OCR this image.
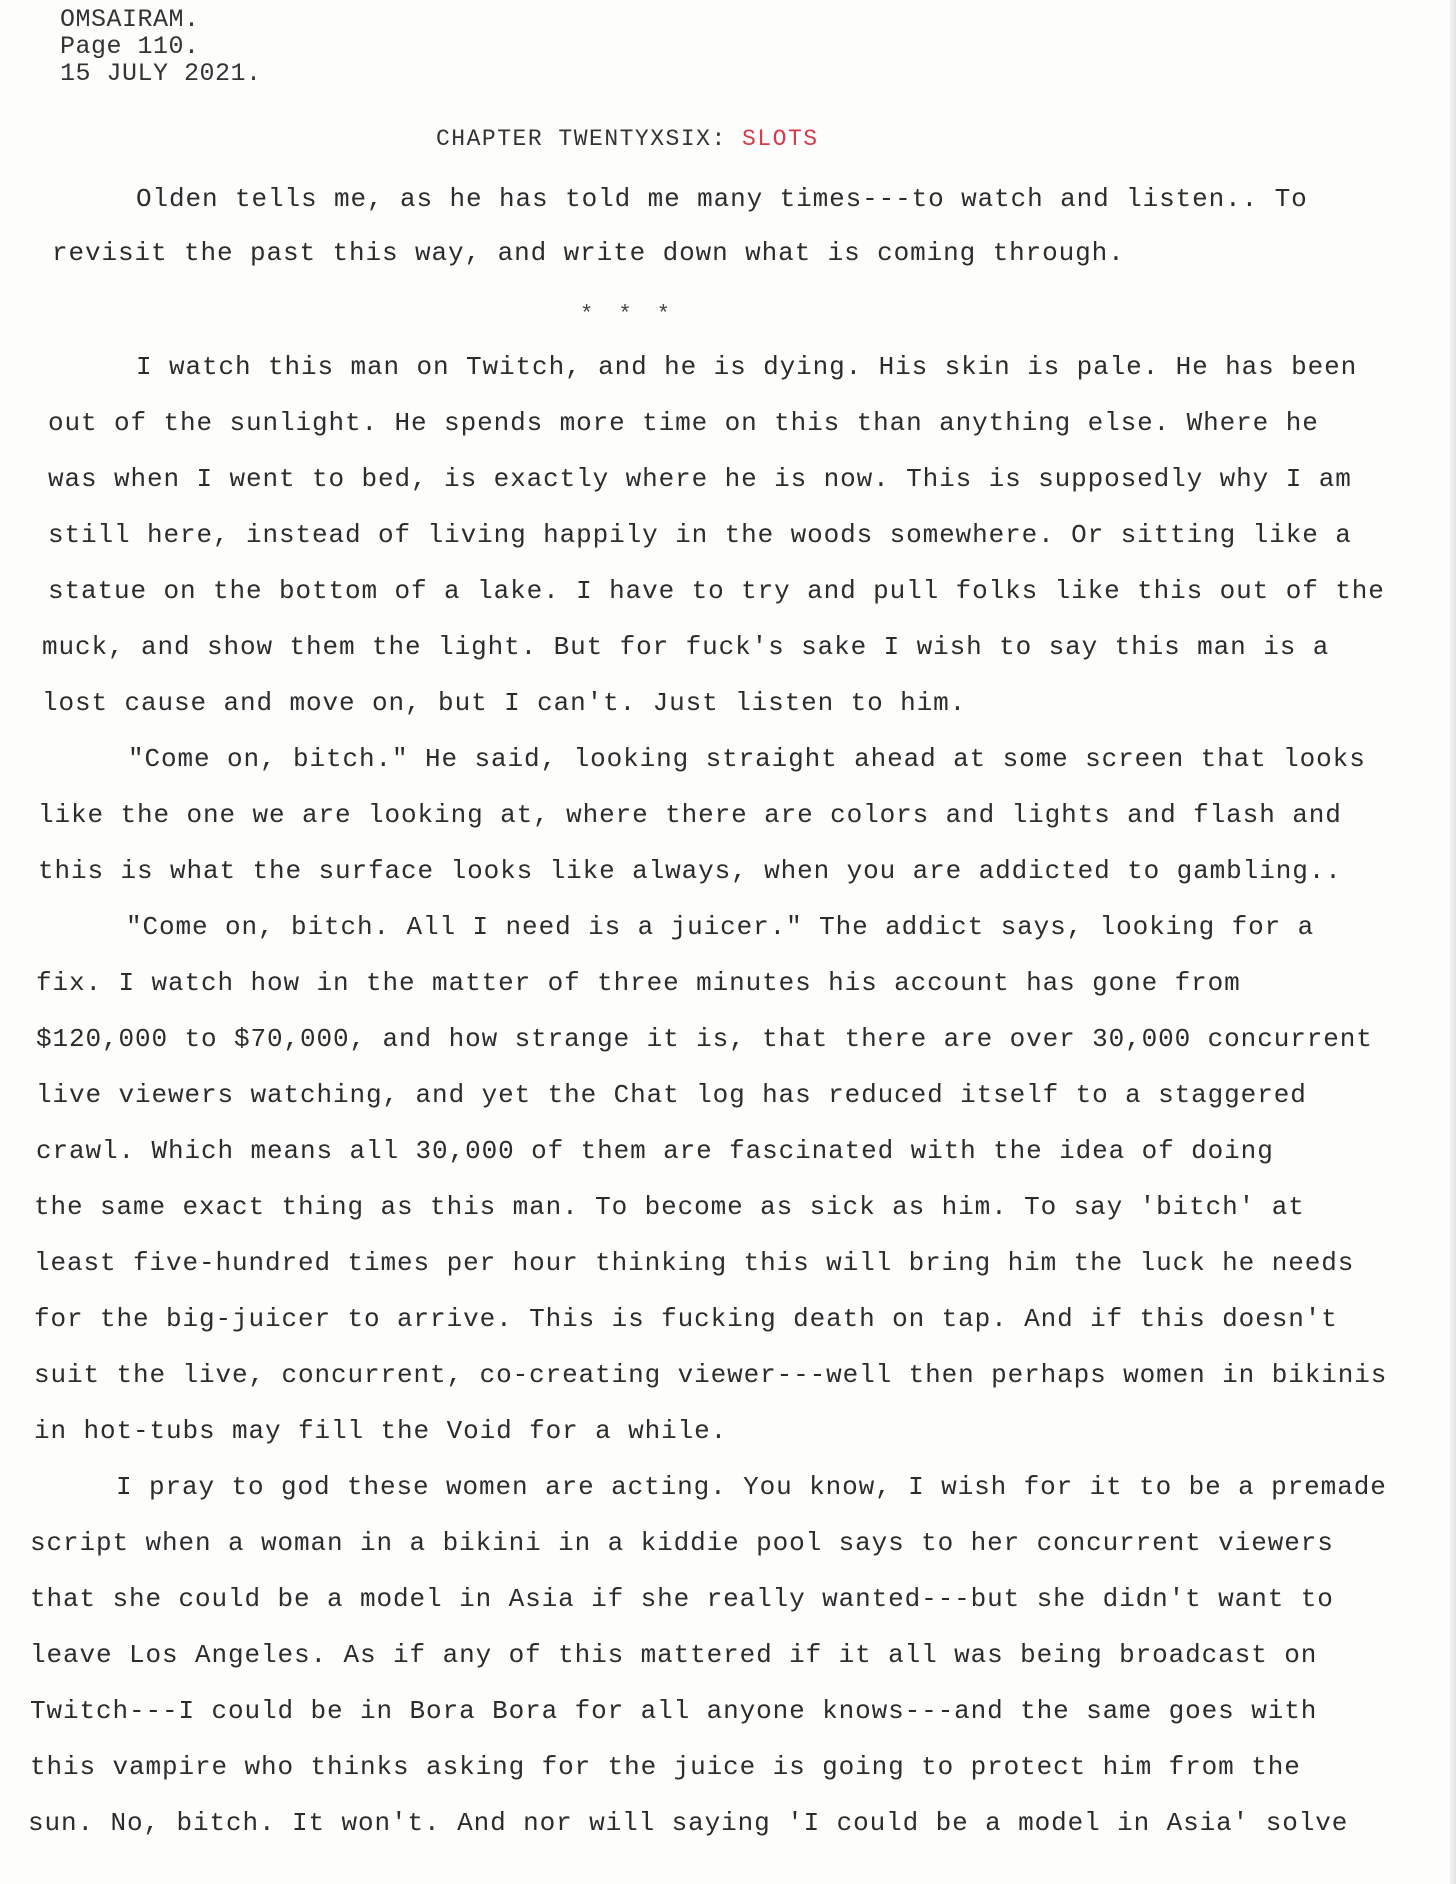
OMSAIRAM.
Page 110.
15 JULY 2021.
CHAPTER TWENTYXSIX: SLOTS
Olden tells me, as he has told me many times---to watch and listen.. To
revisit the past this way, and write down what is coming through.
* * *
I watch this man on Twitch, and he is dying. His skin is pale. He has been
out of the sunlight. He spends more time on this than anything else. Where he
was when I went to bed, is exactly where he is now. This is supposedly why I am
still here, instead of living happily in the woods somewhere. Or sitting like a
statue on the bottom of a lake. I have to try and pull folks like this out of the
muck, and show them the light. But for fuck's sake I wish to say this man is a
lost cause and move on, but I can't. Just listen to him.
"Come on, bitch." He said, looking straight ahead at some screen that looks
like the one we are looking at, where there are colors and lights and flash and
this is what the surface looks like always, when you are addicted to gambling..
"Come on, bitch. All I need is a juicer." The addict says, looking for a
fix. I watch how in the matter of three minutes his account has gone from
$120,000 to $70,000, and how strange it is, that there are over 30,000 concurrent
live viewers watching, and yet the Chat log has reduced itself to a staggered
crawl. Which means all 30,000 of them are fascinated with the idea of doing
the same exact thing as this man. To become as sick as him. To say 'bitch' at
least five-hundred times per hour thinking this will bring him the luck he needs
for the big-juicer to arrive. This is fucking death on tap. And if this doesn't
suit the live, concurrent, co-creating viewer---well then perhaps women in bikinis
in hot-tubs may fill the Void for a while.
I pray to god these women are acting. You know, I wish for it to be a premade
script when a woman in a bikini in a kiddie pool says to her concurrent viewers
that she could be a model in Asia if she really wanted---but she didn't want to
leave Los Angeles. As if any of this mattered if it all was being broadcast on
Twitch---I could be in Bora Bora for all anyone knows---and the same goes with
this vampire who thinks asking for the juice is going to protect him from the
sun. No, bitch. It won't. And nor will saying 'I could be a model in Asia' solve
